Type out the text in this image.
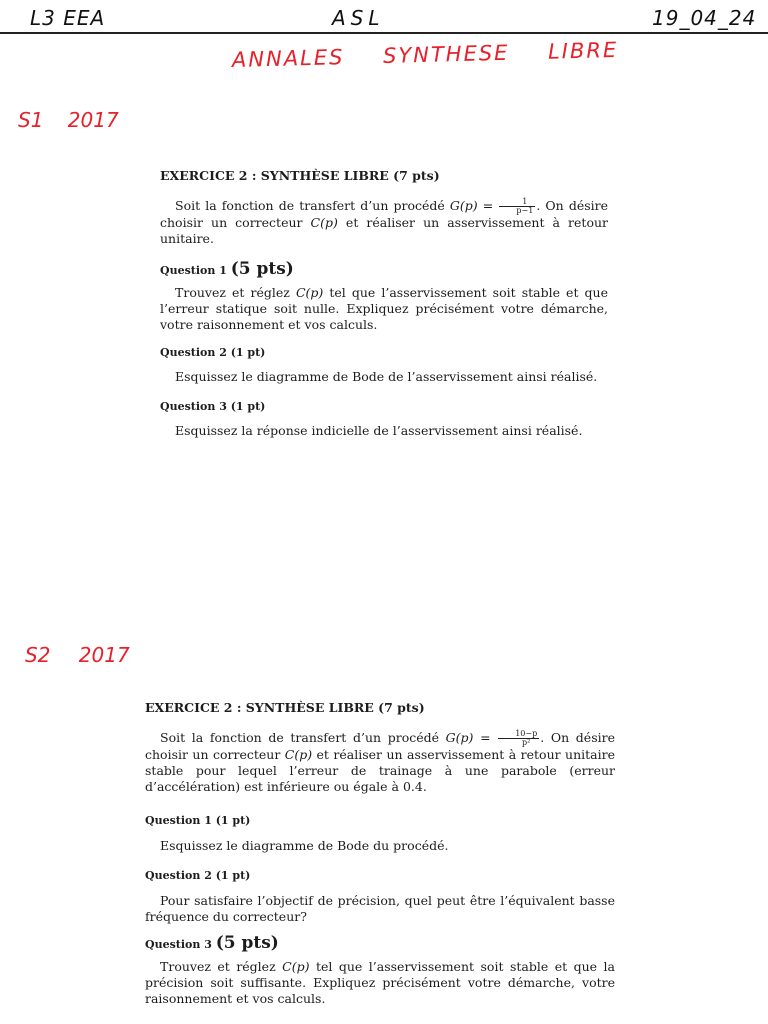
L3 EEA	ASL	19_04_24
ANNALES SYNTHESE LIBRE
S1 2017

EXERCICE 2 : SYNTHÈSE LIBRE (7 pts)

Soit la fonction de transfert d’un procédé $G(p) = \frac{1}{p-1}$ . On désire choisir un correcteur C(p) et réaliser un asservissement à retour unitaire.

Question 1 (5 pts)

Trouvez et réglez C(p) tel que l’asservissement soit stable et que l’erreur statique soit nulle. Expliquez précisément votre démarche, votre raisonnement et vos calculs.

Question 2 (1 pt)

Esquissez le diagramme de Bode de l’asservissement ainsi réalisé.

Question 3 (1 pt)

Esquissez la réponse indicielle de l’asservissement ainsi réalisé.

S2 2017

EXERCICE 2 : SYNTHÈSE LIBRE (7 pts)

Soit la fonction de transfert d’un procédé $G(p) = \frac{10-p}{\text{p²}}$ . On désire choisir un correcteur C(p) et réaliser un asservissement à retour unitaire stable pour lequel l’erreur de trainage à une parabole (erreur d’accélération) est inférieure ou égale à 0.4.

Question 1 (1 pt)

Esquissez le diagramme de Bode du procédé.

Question 2 (1 pt)

Pour satisfaire l’objectif de précision, quel peut être l’équivalent basse fréquence du correcteur?

Question 3 (5 pts)

Trouvez et réglez C(p) tel que l’asservissement soit stable et que la précision soit suffisante. Expliquez précisément votre démarche, votre raisonnement et vos calculs.
